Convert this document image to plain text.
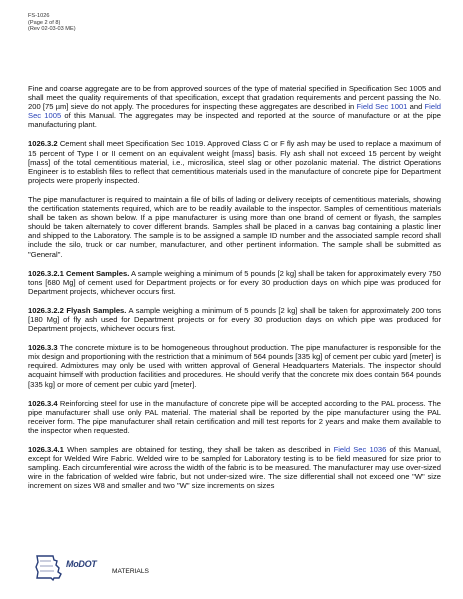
FS-1026
(Page 2 of 8)
(Rev 02-03-03 ME)

Fine and coarse aggregate are to be from approved sources of the type of material specified in Specification Sec 1005 and shall meet the quality requirements of that specification, except that gradation requirements and percent passing the No. 200 [75 µm] sieve do not apply. The procedures for inspecting these aggregates are described in Field Sec 1001 and Field Sec 1005 of this Manual. The aggregates may be inspected and reported at the source of manufacture or at the pipe manufacturing plant.

1026.3.2 Cement shall meet Specification Sec 1019. Approved Class C or F fly ash may be used to replace a maximum of 15 percent of Type I or II cement on an equivalent weight [mass] basis. Fly ash shall not exceed 15 percent by weight [mass] of the total cementitious material, i.e., microsilica, steel slag or other pozolanic material. The district Operations Engineer is to establish files to reflect that cementitious materials used in the manufacture of concrete pipe for Department projects were properly inspected.

The pipe manufacturer is required to maintain a file of bills of lading or delivery receipts of cementitious materials, showing the certification statements required, which are to be readily available to the inspector. Samples of cementitious materials shall be taken as shown below. If a pipe manufacturer is using more than one brand of cement or flyash, the samples should be taken alternately to cover different brands. Samples shall be placed in a canvas bag containing a plastic liner and shipped to the Laboratory. The sample is to be assigned a sample ID number and the associated sample record shall include the silo, truck or car number, manufacturer, and other pertinent information. The sample shall be submitted as "General".

1026.3.2.1 Cement Samples. A sample weighing a minimum of 5 pounds [2 kg] shall be taken for approximately every 750 tons [680 Mg] of cement used for Department projects or for every 30 production days on which pipe was produced for Department projects, whichever occurs first.

1026.3.2.2 Flyash Samples. A sample weighing a minimum of 5 pounds [2 kg] shall be taken for approximately 200 tons [180 Mg] of fly ash used for Department projects or for every 30 production days on which pipe was produced for Department projects, whichever occurs first.

1026.3.3 The concrete mixture is to be homogeneous throughout production. The pipe manufacturer is responsible for the mix design and proportioning with the restriction that a minimum of 564 pounds [335 kg] of cement per cubic yard [meter] is required. Admixtures may only be used with written approval of General Headquarters Materials. The inspector should acquaint himself with production facilities and procedures. He should verify that the concrete mix does contain 564 pounds [335 kg] or more of cement per cubic yard [meter].

1026.3.4 Reinforcing steel for use in the manufacture of concrete pipe will be accepted according to the PAL process. The pipe manufacturer shall use only PAL material. The material shall be reported by the pipe manufacturer using the PAL receiver form. The pipe manufacturer shall retain certification and mill test reports for 2 years and make them available to the inspector when requested.

1026.3.4.1 When samples are obtained for testing, they shall be taken as described in Field Sec 1036 of this Manual, except for Welded Wire Fabric. Welded wire to be sampled for Laboratory testing is to be field measured for size prior to sampling. Each circumferential wire across the width of the fabric is to be measured. The manufacturer may use over-sized wire in the fabrication of welded wire fabric, but not under-sized wire. The size differential shall not exceed one "W" size increment on sizes W8 and smaller and two "W" size increments on sizes

MoDOT
MATERIALS
